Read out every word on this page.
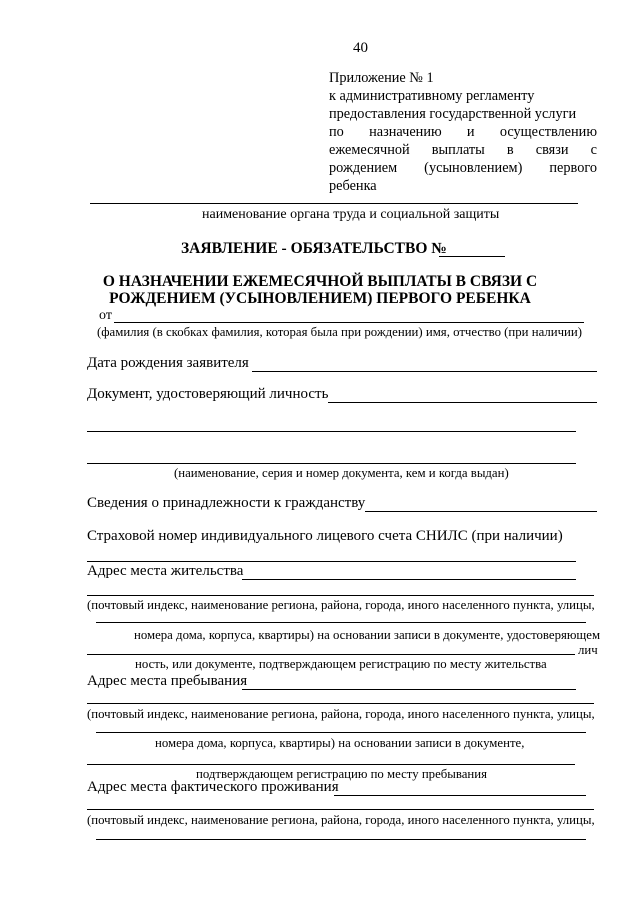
40
Приложение № 1
к административному регламенту
предоставления государственной услуги
по назначению и осуществлению
ежемесячной выплаты в связи с
рождением (усыновлением) первого
ребенка
наименование органа труда и социальной защиты
ЗАЯВЛЕНИЕ - ОБЯЗАТЕЛЬСТВО №
О НАЗНАЧЕНИИ ЕЖЕМЕСЯЧНОЙ ВЫПЛАТЫ В СВЯЗИ С
РОЖДЕНИЕМ (УСЫНОВЛЕНИЕМ) ПЕРВОГО РЕБЕНКА
от
(фамилия (в скобках фамилия, которая была при рождении) имя, отчество (при наличии)
Дата рождения заявителя
Документ, удостоверяющий личность
(наименование, серия и номер документа, кем и когда выдан)
Сведения о принадлежности к гражданству
Страховой номер индивидуального лицевого счета СНИЛС (при наличии)
Адрес места жительства
(почтовый индекс, наименование региона, района, города, иного населенного пункта, улицы,
номера дома, корпуса, квартиры) на основании записи в документе, удостоверяющем
лич
ность, или документе, подтверждающем регистрацию по месту жительства
Адрес места пребывания
(почтовый индекс, наименование региона, района, города, иного населенного пункта, улицы,
номера дома, корпуса, квартиры) на основании записи в документе,
подтверждающем регистрацию по месту пребывания
Адрес места фактического проживания
(почтовый индекс, наименование региона, района, города, иного населенного пункта, улицы,
